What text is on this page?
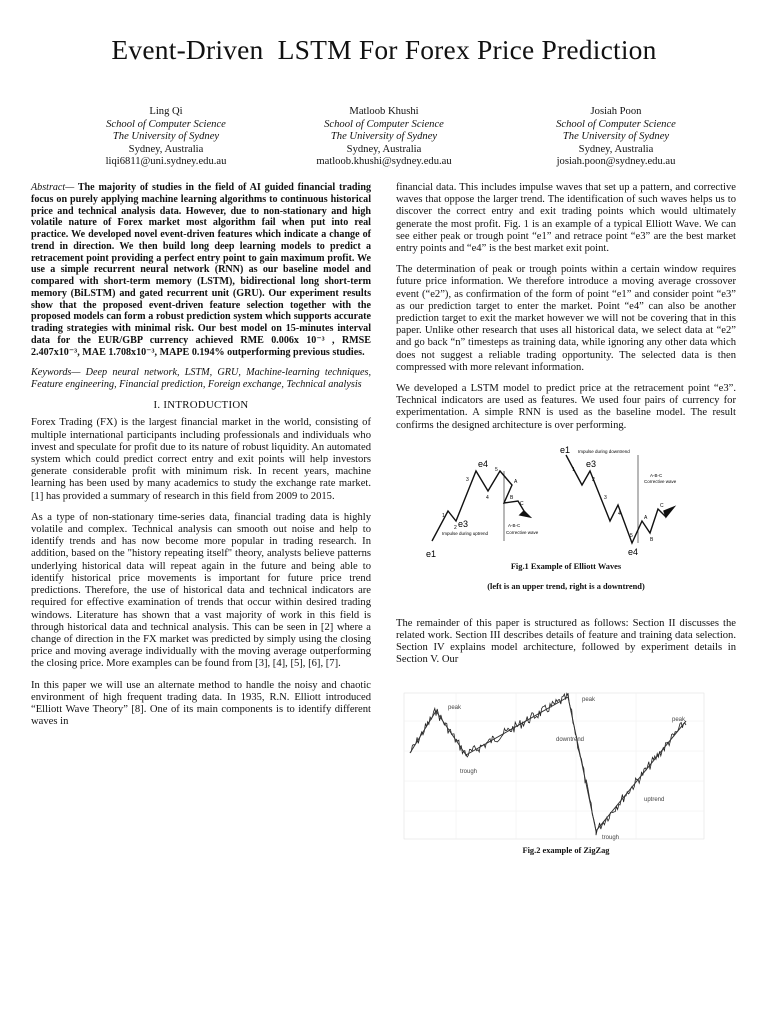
Event-Driven  LSTM For Forex Price Prediction
Ling Qi
School of Computer Science
The University of Sydney
Sydney, Australia
liqi6811@uni.sydney.edu.au
Matloob Khushi
School of Computer Science
The University of Sydney
Sydney, Australia
matloob.khushi@sydney.edu.au
Josiah Poon
School of Computer Science
The University of Sydney
Sydney, Australia
josiah.poon@sydney.edu.au

Abstract— The majority of studies in the field of AI guided financial trading focus on purely applying machine learning algorithms to continuous historical price and technical analysis data. However, due to non-stationary and high volatile nature of Forex market most algorithm fail when put into real practice. We developed novel event-driven features which indicate a change of trend in direction. We then build long deep learning models to predict a retracement point providing a perfect entry point to gain maximum profit. We use a simple recurrent neural network (RNN) as our baseline model and compared with short-term memory (LSTM), bidirectional long short-term memory (BiLSTM) and gated recurrent unit (GRU). Our experiment results show that the proposed event-driven feature selection together with the proposed models can form a robust prediction system which supports accurate trading strategies with minimal risk. Our best model on 15-minutes interval data for the EUR/GBP currency achieved RME 0.006x 10⁻³ , RMSE 2.407x10⁻³, MAE 1.708x10⁻³, MAPE 0.194% outperforming previous studies.

Keywords— Deep neural network, LSTM, GRU, Machine-learning techniques, Feature engineering, Financial prediction, Foreign exchange, Technical analysis

I. INTRODUCTION

Forex Trading (FX) is the largest financial market in the world, consisting of multiple international participants including professionals and individuals who invest and speculate for profit due to its nature of robust liquidity. An automated system which could predict correct entry and exit points will help investors generate considerable profit with minimum risk. In recent years, machine learning has been used by many academics to study the exchange rate market. [1] has provided a summary of research in this field from 2009 to 2015.

As a type of non-stationary time-series data, financial trading data is highly volatile and complex. Technical analysis can smooth out noise and help to identify trends and has now become more popular in trading research. In addition, based on the "history repeating itself" theory, analysts believe patterns underlying historical data will repeat again in the future and being able to identify historical price movements is important for future price trend predictions. Therefore, the use of historical data and technical indicators are required for effective examination of trends that occur within desired trading windows. Literature has shown that a vast majority of work in this field is through historical data and technical analysis. This can be seen in [2] where a change of direction in the FX market was predicted by simply using the closing price and moving average individually with the moving average outperforming the closing price. More examples can be found from [3], [4], [5], [6], [7].

In this paper we will use an alternate method to handle the noisy and chaotic environment of high frequent trading data. In 1935, R.N. Elliott introduced “Elliott Wave Theory” [8]. One of its main components is to identify different waves in

financial data. This includes impulse waves that set up a pattern, and corrective waves that oppose the larger trend. The identification of such waves helps us to discover the correct entry and exit trading points which would ultimately generate the most profit. Fig. 1 is an example of a typical Elliott Wave. We can see either peak or trough point “e1” and retrace point “e3” are the best market entry points and “e4” is the best market exit point.

The determination of peak or trough points within a certain window requires future price information. We therefore introduce a moving average crossover event (“e2”), as confirmation of the form of point “e1” and consider point “e3” as our prediction target to enter the market. Point “e4” can also be another prediction target to exit the market however we will not be covering that in this paper. Unlike other research that uses all historical data, we select data at “e2” and go back “n” timesteps as training data, while ignoring any other data which does not suggest a reliable trading opportunity. The selected data is then compressed with more relevant information.

We developed a LSTM model to predict price at the retracement point “e3”. Technical indicators are used as features. We used four pairs of currency for experimentation. A simple RNN is used as the baseline model. The result confirms the designed architecture is over performing.

e1
e3
e4
Impulse during uptrend
A-B-C
Corrective wave
1
2
3
4
5
A
B
C
e1
e3
e4
Impulse during downtrend
A-B-C
Corrective wave
1
2
3
4
5
A
B
C
Fig.1 Example of Elliott Waves
(left is an upper trend, right is a downtrend)

The remainder of this paper is structured as follows: Section II discusses the related work. Section III describes details of feature and training data selection. Section IV explains model architecture, followed by experiment details in Section V. Our

peak
peak
peak
trough
trough
downtrend
uptrend
Fig.2 example of ZigZag
